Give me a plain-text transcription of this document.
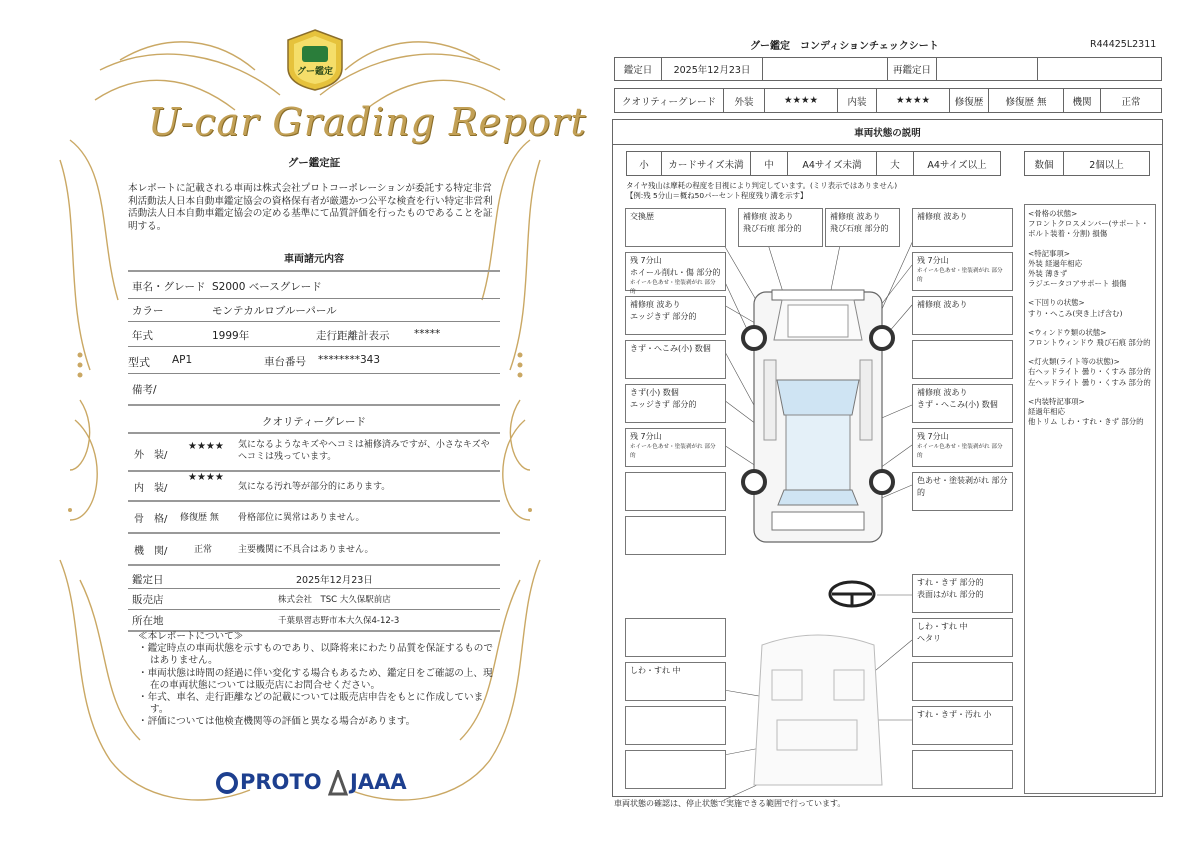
グー鑑定
U-car Grading Report
グー鑑定証
本レポートに記載される車両は株式会社プロトコーポレーションが委託する特定非営利活動法人日本自動車鑑定協会の資格保有者が厳選かつ公平な検査を行い特定非営利活動法人日本自動車鑑定協会の定める基準にて品質評価を行ったものであることを証明する。
車両諸元内容
車名・グレード S2000 ベースグレード
カラー	モンテカルロブルーパール
年式	1999年	走行距離計表示 *****
型式 AP1	車台番号 ********343
備考/
クオリティーグレード
外　装/
★★★★ 気になるようなキズやヘコミは補修済みですが、小さなキズやヘコミは残っています。
内　装/
★★★★
気になる汚れ等が部分的にあります。
骨　格/ 修復歴 無 骨格部位に異常はありません。
機　関/	正常	主要機関に不具合はありません。
鑑定日	2025年12月23日
販売店	株式会社　TSC 大久保駅前店
所在地	千葉県習志野市本大久保4-12-3
≪本レポートについて≫
・鑑定時点の車両状態を示すものであり、以降将来にわたり品質を保証するものではありません。
・車両状態は時間の経過に伴い変化する場合もあるため、鑑定日をご確認の上、現在の車両状態については販売店にお問合せください。
・年式、車名、走行距離などの記載については販売店申告をもとに作成しています。
・評価については他検査機関等の評価と異なる場合があります。
PROTO JAAA
グー鑑定　コンディションチェックシート	R44425L2311
鑑定日	2025年12月23日	再鑑定日
クオリティーグレード	外装	★★★★	内装	★★★★	修復歴	修復歴 無	機関	正常
車両状態の説明
小	カードサイズ未満	中	A4サイズ未満	大	A4サイズ以上	数個	2個以上
タイヤ残山は摩耗の程度を目視により判定しています。(ミリ表示ではありません)
【例:残 5分山＝概ね50パーセント程度残り溝を示す】
交換歴
残 7分山
ホイール削れ・傷 部分的
ホイール色あせ・塗装剥がれ 部分的
補修痕 波あり
エッジきず 部分的
きず・へこみ(小) 数個
きず(小) 数個
エッジきず 部分的
残 7分山
ホイール色あせ・塗装剥がれ 部分的
しわ・すれ 中
補修痕 波あり
飛び石痕 部分的
補修痕 波あり
飛び石痕 部分的
補修痕 波あり
残 7分山
ホイール色あせ・塗装剥がれ 部分的
補修痕 波あり
補修痕 波あり
きず・へこみ(小) 数個
残 7分山
ホイール色あせ・塗装剥がれ 部分的
色あせ・塗装剥がれ 部分的
すれ・きず 部分的
表面はがれ 部分的
しわ・すれ 中
ヘタリ
すれ・きず・汚れ 小
<骨格の状態>
フロントクロスメンバー(サポート・ボルト装着・分割) 損傷
<特記事項>
外装 経過年相応
外装 薄きず
ラジエータコアサポート 損傷
<下回りの状態>
すり・へこみ(突き上げ含む)
<ウィンドウ類の状態>
フロントウィンドウ 飛び石痕 部分的
<灯火類(ライト等の状態)>
右ヘッドライト 曇り・くすみ 部分的
左ヘッドライト 曇り・くすみ 部分的
<内装特記事項>
経過年相応
他トリム しわ・すれ・きず 部分的
車両状態の確認は、停止状態で実施できる範囲で行っています。
